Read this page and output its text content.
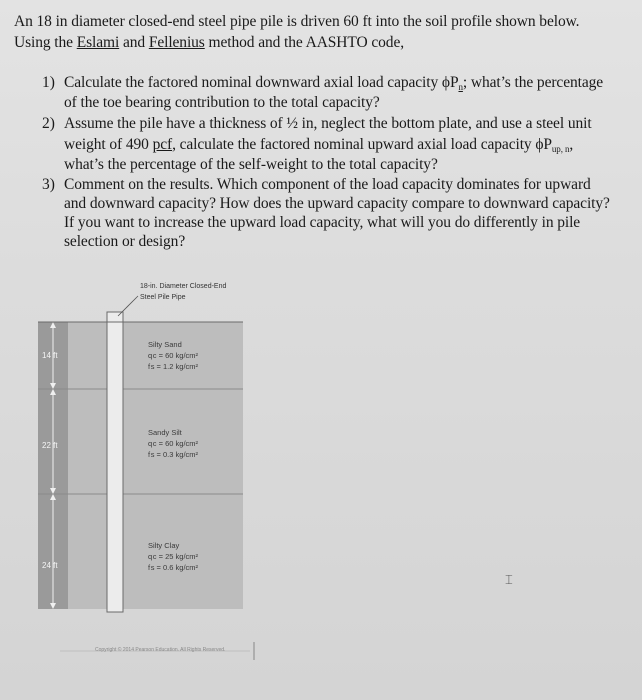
An 18 in diameter closed-end steel pipe pile is driven 60 ft into the soil profile shown below.
Using the Eslami and Fellenius method and the AASHTO code,
1) Calculate the factored nominal downward axial load capacity $\phi P_n$; what’s the percentage
of the toe bearing contribution to the total capacity?
2) Assume the pile have a thickness of ½ in, neglect the bottom plate, and use a steel unit
weight of 490 pcf, calculate the factored nominal upward axial load capacity $\phi P_{up, n}$,
what’s the percentage of the self-weight to the total capacity?
3) Comment on the results. Which component of the load capacity dominates for upward
and downward capacity? How does the upward capacity compare to downward capacity?
If you want to increase the upward load capacity, what will you do differently in pile
selection or design?
18-in. Diameter Closed-End
Steel Pile Pipe
14 ft
22 ft
24 ft
Silty Sand
q с = 60 kg/cm²
f s = 1.2 kg/cm²
Sandy Silt
q с = 60 kg/cm²
f s = 0.3 kg/cm²
Silty Clay
q с = 25 kg/cm²
f s = 0.6 kg/cm²
Copyright © 2014 Pearson Education. All Rights Reserved.
⌶
